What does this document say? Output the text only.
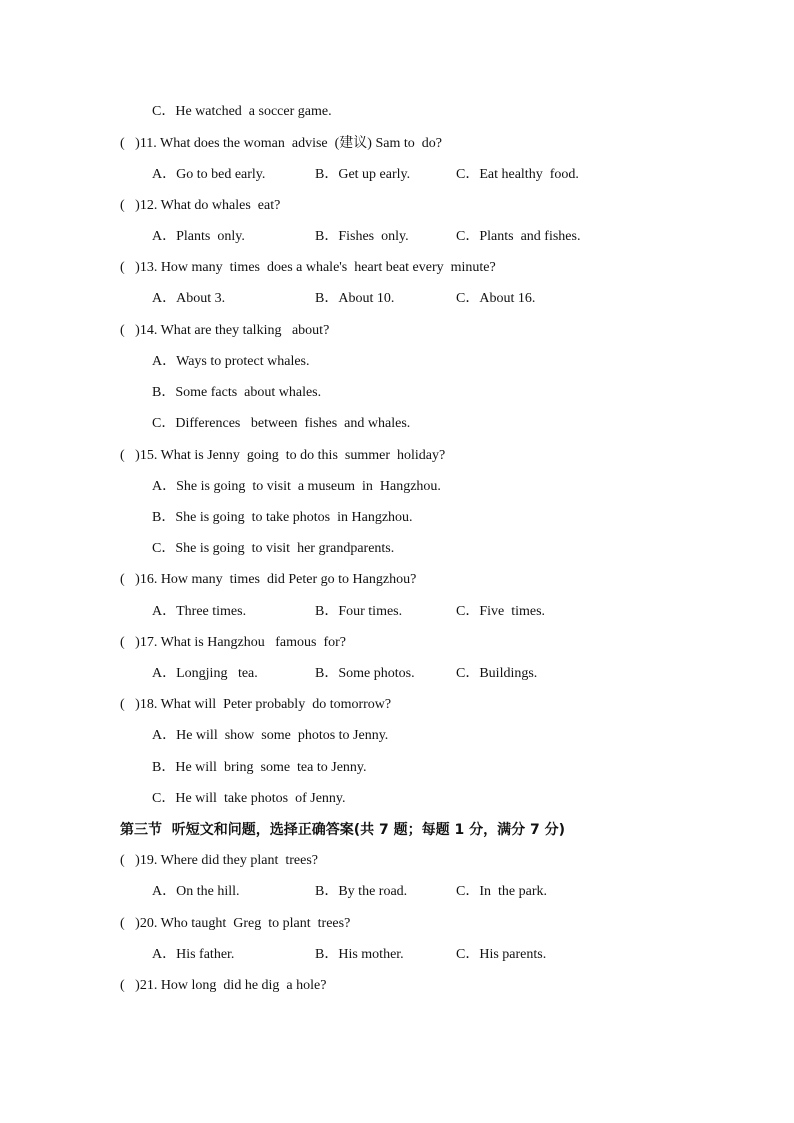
C．He watched  a soccer game.
(   )11. What does the woman  advise  (建议) Sam to  do?
A．Go to bed early.	B．Get up early.	C．Eat healthy  food.
(   )12. What do whales  eat?
A．Plants  only.	B．Fishes  only.	C．Plants  and fishes.
(   )13. How many  times  does a whale's  heart beat every  minute?
A．About 3.	B．About 10.	C．About 16.
(   )14. What are they talking   about?
A．Ways to protect whales.
B．Some facts  about whales.
C．Differences   between  fishes  and whales.
(   )15. What is Jenny  going  to do this  summer  holiday?
A．She is going  to visit  a museum  in  Hangzhou.
B．She is going  to take photos  in Hangzhou.
C．She is going  to visit  her grandparents.
(   )16. How many  times  did Peter go to Hangzhou?
A．Three times.	B．Four times.	C．Five  times.
(   )17. What is Hangzhou   famous  for?
A．Longjing   tea.	B．Some photos.	C．Buildings.
(   )18. What will  Peter probably  do tomorrow?
A．He will  show  some  photos to Jenny.
B．He will  bring  some  tea to Jenny.
C．He will  take photos  of Jenny.
第三节  听短文和问题，选择正确答案(共 7 题；每题 1 分，满分 7 分)
(   )19. Where did they plant  trees?
A．On the hill.	B．By the road.	C．In  the park.
(   )20. Who taught  Greg  to plant  trees?
A．His father.	B．His mother.	C．His parents.
(   )21. How long  did he dig  a hole?
